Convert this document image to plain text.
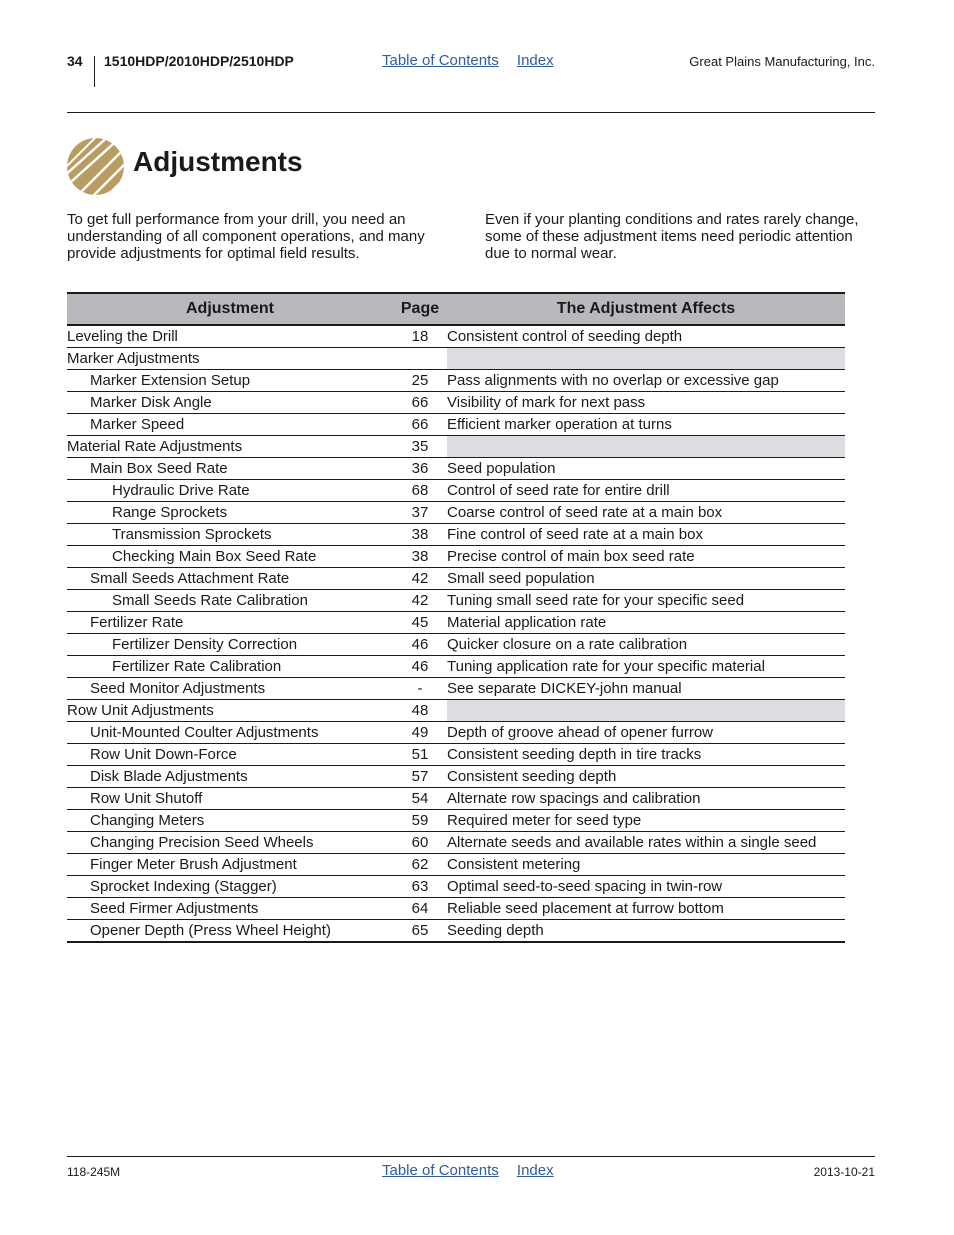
34 1510HDP/2010HDP/2510HDP	Table of Contents Index	Great Plains Manufacturing, Inc.
Adjustments

To get full performance from your drill, you need an understanding of all component operations, and many provide adjustments for optimal field results.

Even if your planting conditions and rates rarely change, some of these adjustment items need periodic attention due to normal wear.

Adjustment	Page	The Adjustment Affects
Leveling the Drill	18	Consistent control of seeding depth
Marker Adjustments		
Marker Extension Setup	25	Pass alignments with no overlap or excessive gap
Marker Disk Angle	66	Visibility of mark for next pass
Marker Speed	66	Efficient marker operation at turns
Material Rate Adjustments	35	
Main Box Seed Rate	36	Seed population
Hydraulic Drive Rate	68	Control of seed rate for entire drill
Range Sprockets	37	Coarse control of seed rate at a main box
Transmission Sprockets	38	Fine control of seed rate at a main box
Checking Main Box Seed Rate	38	Precise control of main box seed rate
Small Seeds Attachment Rate	42	Small seed population
Small Seeds Rate Calibration	42	Tuning small seed rate for your specific seed
Fertilizer Rate	45	Material application rate
Fertilizer Density Correction	46	Quicker closure on a rate calibration
Fertilizer Rate Calibration	46	Tuning application rate for your specific material
Seed Monitor Adjustments	-	See separate DICKEY-john manual
Row Unit Adjustments	48	
Unit-Mounted Coulter Adjustments	49	Depth of groove ahead of opener furrow
Row Unit Down-Force	51	Consistent seeding depth in tire tracks
Disk Blade Adjustments	57	Consistent seeding depth
Row Unit Shutoff	54	Alternate row spacings and calibration
Changing Meters	59	Required meter for seed type
Changing Precision Seed Wheels	60	Alternate seeds and available rates within a single seed
Finger Meter Brush Adjustment	62	Consistent metering
Sprocket Indexing (Stagger)	63	Optimal seed-to-seed spacing in twin-row
Seed Firmer Adjustments	64	Reliable seed placement at furrow bottom
Opener Depth (Press Wheel Height)	65	Seeding depth
118-245M	Table of Contents Index	2013-10-21
